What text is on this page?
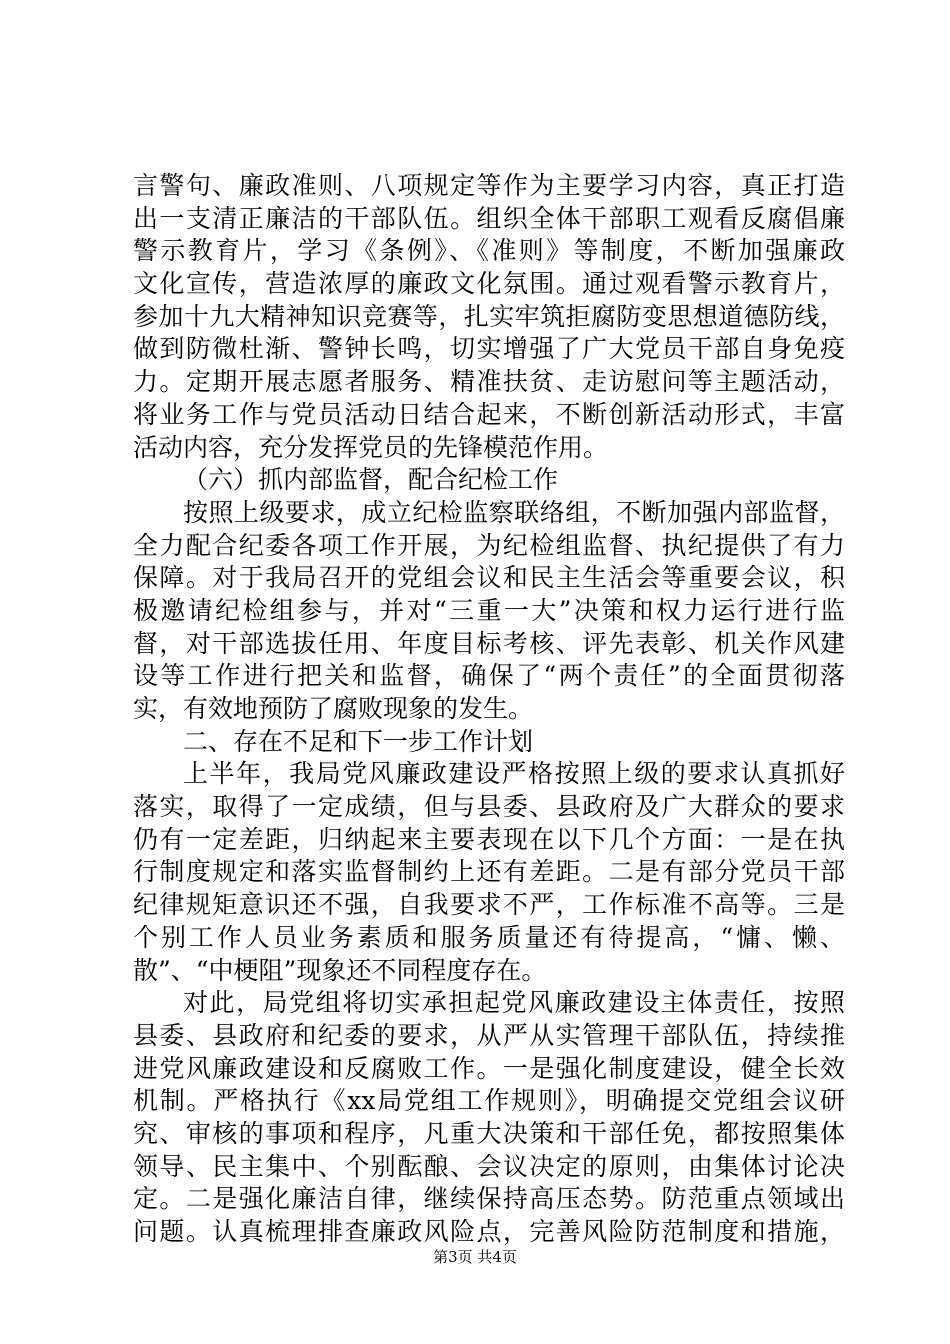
言警句、廉政准则、八项规定等作为主要学习内容，真正打造
出一支清正廉洁的干部队伍。组织全体干部职工观看反腐倡廉
警示教育片，学习《条例》、《准则》等制度，不断加强廉政
文化宣传，营造浓厚的廉政文化氛围。通过观看警示教育片，
参加十九大精神知识竞赛等，扎实牢筑拒腐防变思想道德防线，
做到防微杜渐、警钟长鸣，切实增强了广大党员干部自身免疫
力。定期开展志愿者服务、精准扶贫、走访慰问等主题活动，
将业务工作与党员活动日结合起来，不断创新活动形式，丰富
活动内容，充分发挥党员的先锋模范作用。
（六）抓内部监督，配合纪检工作
按照上级要求，成立纪检监察联络组，不断加强内部监督，
全力配合纪委各项工作开展，为纪检组监督、执纪提供了有力
保障。对于我局召开的党组会议和民主生活会等重要会议，积
极邀请纪检组参与，并对“三重一大”决策和权力运行进行监
督，对干部选拔任用、年度目标考核、评先表彰、机关作风建
设等工作进行把关和监督，确保了“两个责任”的全面贯彻落
实，有效地预防了腐败现象的发生。
二、存在不足和下一步工作计划
上半年，我局党风廉政建设严格按照上级的要求认真抓好
落实，取得了一定成绩，但与县委、县政府及广大群众的要求
仍有一定差距，归纳起来主要表现在以下几个方面：一是在执
行制度规定和落实监督制约上还有差距。二是有部分党员干部
纪律规矩意识还不强，自我要求不严，工作标准不高等。三是
个别工作人员业务素质和服务质量还有待提高，“慵、懒、
散”、“中梗阻”现象还不同程度存在。
对此，局党组将切实承担起党风廉政建设主体责任，按照
县委、县政府和纪委的要求，从严从实管理干部队伍，持续推
进党风廉政建设和反腐败工作。一是强化制度建设，健全长效
机制。严格执行《xx局党组工作规则》，明确提交党组会议研
究、审核的事项和程序，凡重大决策和干部任免，都按照集体
领导、民主集中、个别酝酿、会议决定的原则，由集体讨论决
定。二是强化廉洁自律，继续保持高压态势。防范重点领域出
问题。认真梳理排查廉政风险点，完善风险防范制度和措施，
第3页 共4页
